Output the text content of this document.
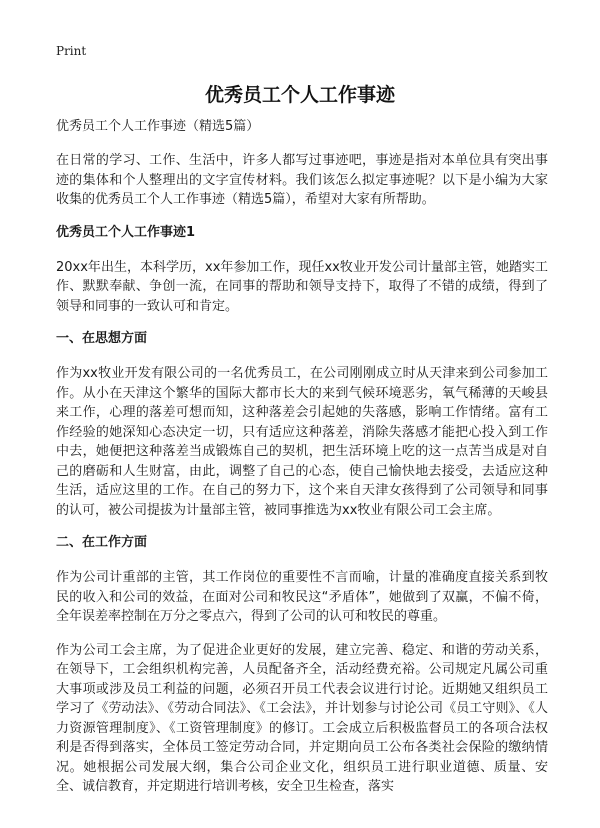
Print
优秀员工个人工作事迹
优秀员工个人工作事迹（精选5篇）

在日常的学习、工作、生活中，许多人都写过事迹吧，事迹是指对本单位具有突出事迹的集体和个人整理出的文字宣传材料。我们该怎么拟定事迹呢？以下是小编为大家收集的优秀员工个人工作事迹（精选5篇），希望对大家有所帮助。

优秀员工个人工作事迹1

20xx年出生，本科学历，xx年参加工作，现任xx牧业开发公司计量部主管，她踏实工作、默默奉献、争创一流，在同事的帮助和领导支持下，取得了不错的成绩，得到了领导和同事的一致认可和肯定。

一、在思想方面

作为xx牧业开发有限公司的一名优秀员工，在公司刚刚成立时从天津来到公司参加工作。从小在天津这个繁华的国际大都市长大的来到气候环境恶劣，氧气稀薄的天峻县来工作，心理的落差可想而知，这种落差会引起她的失落感，影响工作情绪。富有工作经验的她深知心态决定一切，只有适应这种落差，消除失落感才能把心投入到工作中去，她便把这种落差当成锻炼自己的契机，把生活环境上吃的这一点苦当成是对自己的磨砺和人生财富，由此，调整了自己的心态，使自己愉快地去接受，去适应这种生活，适应这里的工作。在自己的努力下，这个来自天津女孩得到了公司领导和同事的认可，被公司提拔为计量部主管，被同事推选为xx牧业有限公司工会主席。

二、在工作方面

作为公司计重部的主管，其工作岗位的重要性不言而喻，计量的准确度直接关系到牧民的收入和公司的效益，在面对公司和牧民这“矛盾体”，她做到了双赢，不偏不倚，全年误差率控制在万分之零点六，得到了公司的认可和牧民的尊重。

作为公司工会主席，为了促进企业更好的发展，建立完善、稳定、和谐的劳动关系，在领导下，工会组织机构完善，人员配备齐全，活动经费充裕。公司规定凡属公司重大事项或涉及员工利益的问题，必须召开员工代表会议进行讨论。近期她又组织员工学习了《劳动法》、《劳动合同法》、《工会法》，并计划参与讨论公司《员工守则》、《人力资源管理制度》、《工资管理制度》的修订。工会成立后积极监督员工的各项合法权利是否得到落实，全体员工签定劳动合同，并定期向员工公布各类社会保险的缴纳情况。她根据公司发展大纲，集合公司企业文化，组织员工进行职业道德、质量、安全、诚信教育，并定期进行培训考核，安全卫生检查，落实
